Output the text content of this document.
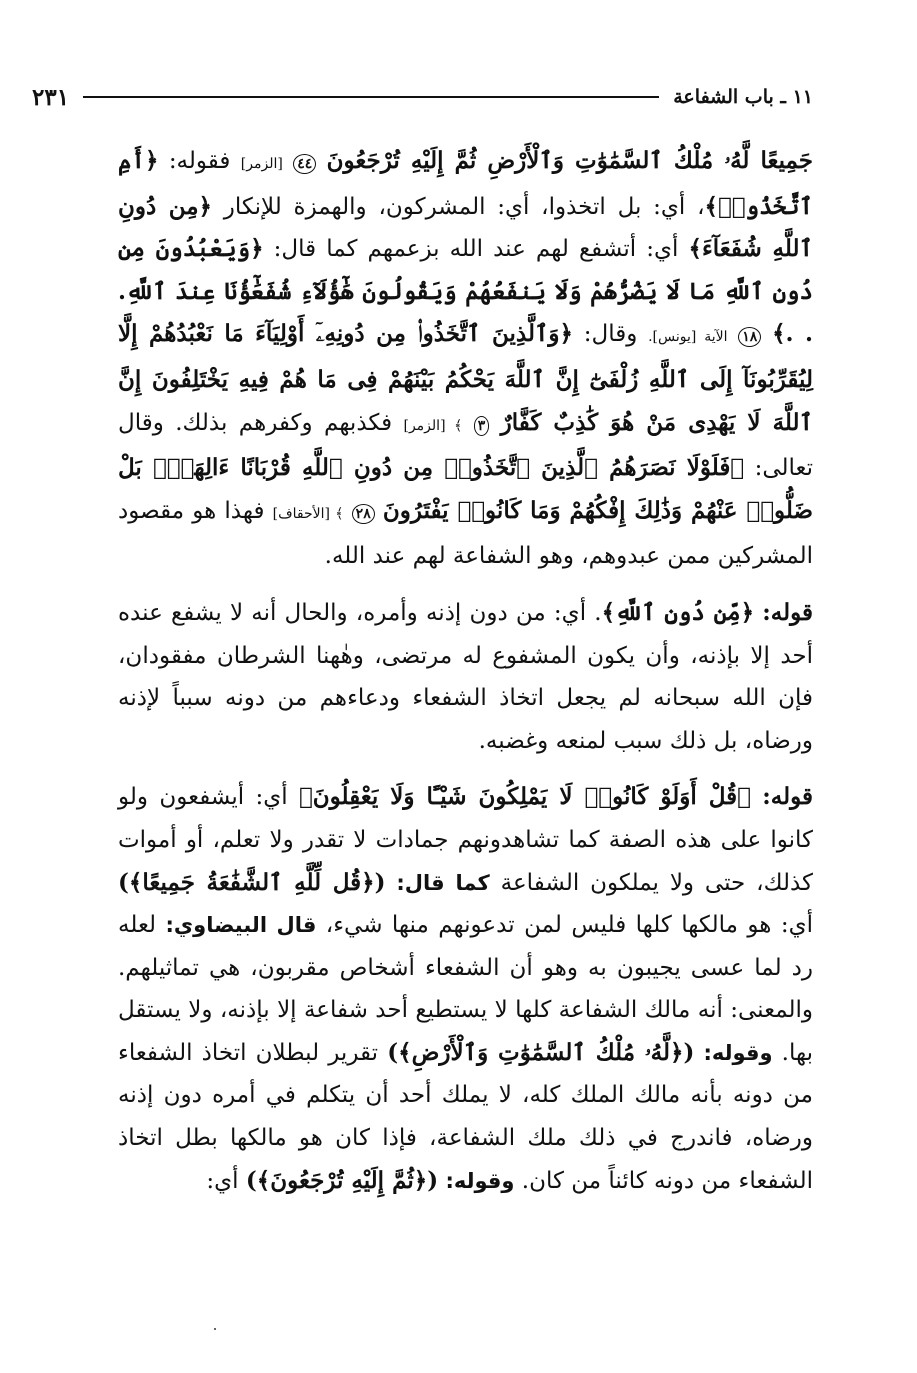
١١ ـ باب الشفاعة
٢٣١

جَمِيعًا لَّهُۥ مُلْكُ ٱلسَّمَٰوَٰتِ وَٱلْأَرْضِ ثُمَّ إِلَيْهِ تُرْجَعُونَ ٤٤ [الزمر] فقوله: ﴿أَمِ ٱتَّخَذُوا۟﴾، أي: بل اتخذوا، أي: المشركون، والهمزة للإنكار ﴿مِن دُونِ ٱللَّهِ شُفَعَآءَ﴾ أي: أتشفع لهم عند الله بزعمهم كما قال: ﴿وَيَعْبُدُونَ مِن دُونِ ٱللَّهِ مَا لَا يَضُرُّهُمْ وَلَا يَنفَعُهُمْ وَيَقُولُونَ هَٰٓؤُلَآءِ شُفَعَٰٓؤُنَا عِندَ ٱللَّهِ. . .﴾ ١٨ الآية [يونس]. وقال: ﴿وَٱلَّذِينَ ٱتَّخَذُوا۟ مِن دُونِهِۦٓ أَوْلِيَآءَ مَا نَعْبُدُهُمْ إِلَّا لِيُقَرِّبُونَآ إِلَى ٱللَّهِ زُلْفَىٰٓ إِنَّ ٱللَّهَ يَحْكُمُ بَيْنَهُمْ فِى مَا هُمْ فِيهِ يَخْتَلِفُونَ إِنَّ ٱللَّهَ لَا يَهْدِى مَنْ هُوَ كَٰذِبٌ كَفَّارٌ ٣ ﴾ [الزمر] فكذبهم وكفرهم بذلك. وقال تعالى: ﴿فَلَوْلَا نَصَرَهُمُ ٱلَّذِينَ ٱتَّخَذُوا۟ مِن دُونِ ٱللَّهِ قُرْبَانًا ءَالِهَةًۢ بَلْ ضَلُّوا۟ عَنْهُمْ وَذَٰلِكَ إِفْكُهُمْ وَمَا كَانُوا۟ يَفْتَرُونَ ٢٨ ﴾ [الأحقاف] فهذا هو مقصود المشركين ممن عبدوهم، وهو الشفاعة لهم عند الله.

قوله: ﴿مِّن دُونِ ٱللَّهِ﴾. أي: من دون إذنه وأمره، والحال أنه لا يشفع عنده أحد إلا بإذنه، وأن يكون المشفوع له مرتضى، وهٰهنا الشرطان مفقودان، فإن الله سبحانه لم يجعل اتخاذ الشفعاء ودعاءهم من دونه سبباً لإذنه ورضاه، بل ذلك سبب لمنعه وغضبه.

قوله: ﴿قُلْ أَوَلَوْ كَانُوا۟ لَا يَمْلِكُونَ شَيْـًٔا وَلَا يَعْقِلُونَ﴾ أي: أيشفعون ولو كانوا على هذه الصفة كما تشاهدونهم جمادات لا تقدر ولا تعلم، أو أموات كذلك، حتى ولا يملكون الشفاعة كما قال: (﴿قُل لِّلَّهِ ٱلشَّفَٰعَةُ جَمِيعًا﴾) أي: هو مالكها كلها فليس لمن تدعونهم منها شيء، قال البيضاوي: لعله رد لما عسى يجيبون به وهو أن الشفعاء أشخاص مقربون، هي تماثيلهم. والمعنى: أنه مالك الشفاعة كلها لا يستطيع أحد شفاعة إلا بإذنه، ولا يستقل بها. وقوله: (﴿لَّهُۥ مُلْكُ ٱلسَّمَٰوَٰتِ وَٱلْأَرْضِ﴾) تقرير لبطلان اتخاذ الشفعاء من دونه بأنه مالك الملك كله، لا يملك أحد أن يتكلم في أمره دون إذنه ورضاه، فاندرج في ذلك ملك الشفاعة، فإذا كان هو مالكها بطل اتخاذ الشفعاء من دونه كائناً من كان. وقوله: (﴿ثُمَّ إِلَيْهِ تُرْجَعُونَ﴾) أي:
